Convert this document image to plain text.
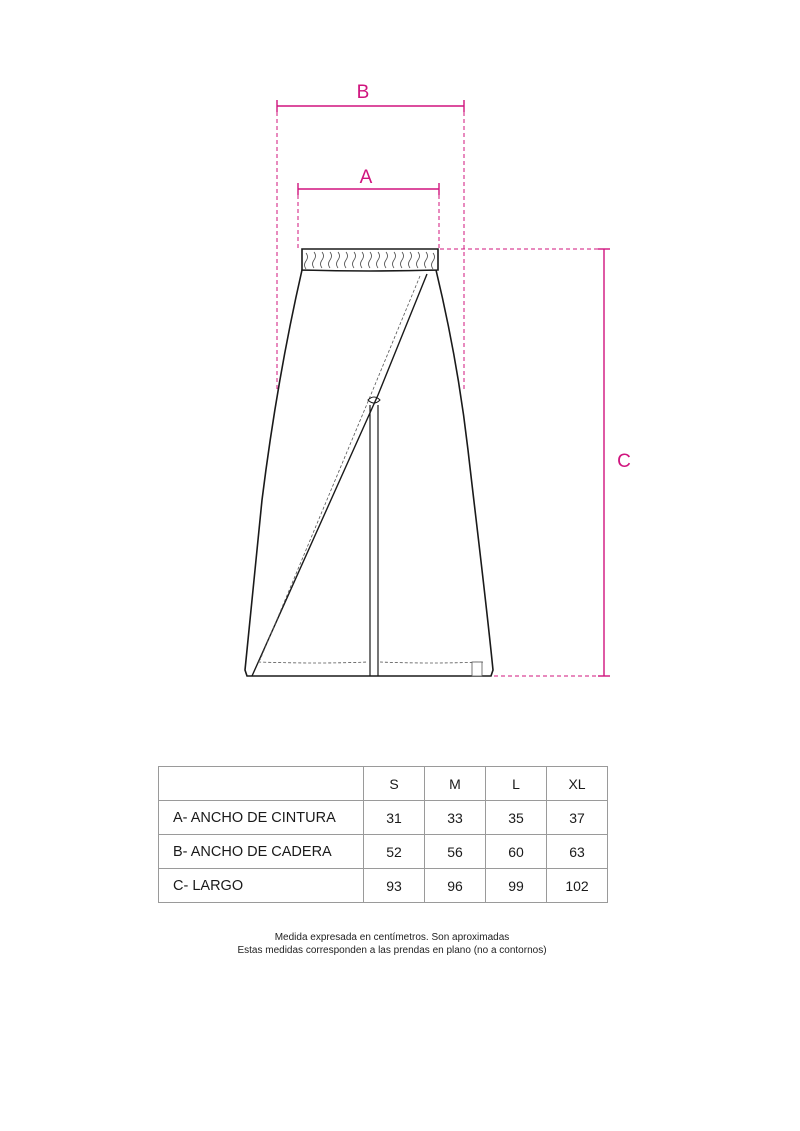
B
A
C
	S	M	L	XL
A- ANCHO DE CINTURA	31	33	35	37
B- ANCHO DE CADERA	52	56	60	63
C- LARGO	93	96	99	102
Medida expresada en centímetros. Son aproximadas
Estas medidas corresponden a las prendas en plano (no a contornos)
